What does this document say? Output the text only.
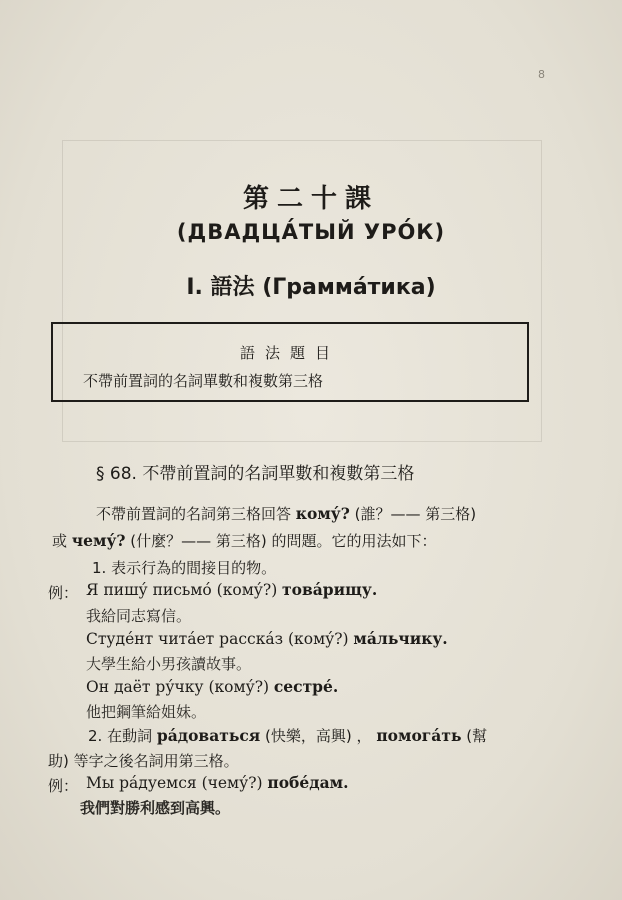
8
第二十課
(ДВАДЦА́ТЫЙ УРО́К)
I. 語法 (Грамма́тика)
語法題目
不帶前置詞的名詞單數和複數第三格
§ 68. 不帶前置詞的名詞單數和複數第三格
不帶前置詞的名詞第三格回答 кому́? (誰？—— 第三格)
或 чему́? (什麼？—— 第三格) 的問題。它的用法如下：
1. 表示行為的間接目的物。
例： Я пишу́ письмо́ (кому́?) това́рищу.
我給同志寫信。
Студе́нт чита́ет расска́з (кому́?) ма́льчику.
大學生給小男孩讀故事。
Он даёт ру́чку (кому́?) сестре́.
他把鋼筆給姐妹。
2. 在動詞 ра́доваться (快樂，高興) ， помога́ть (幫
助) 等字之後名詞用第三格。
例： Мы ра́дуемся (чему́?) побе́дам.
我們對勝利感到高興。
